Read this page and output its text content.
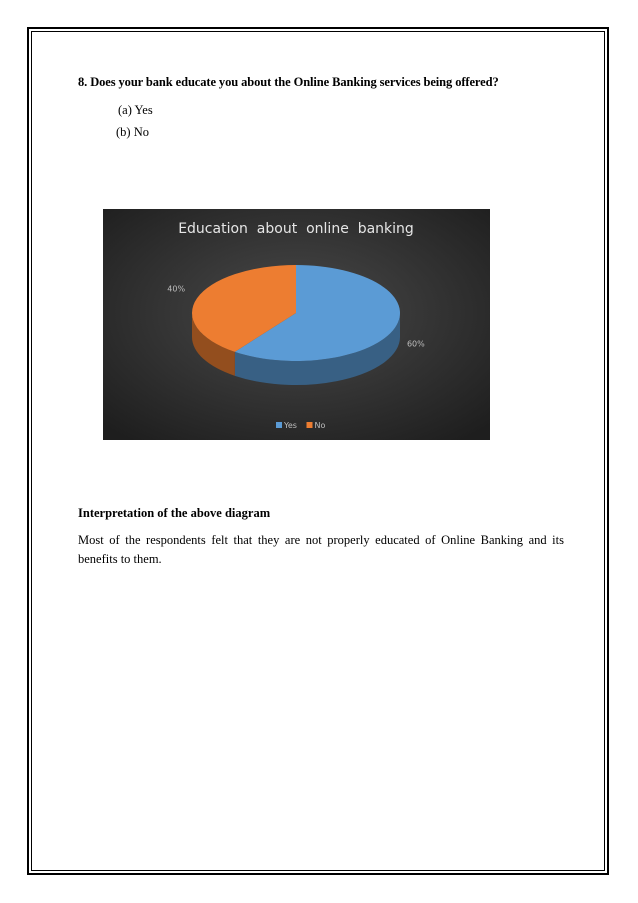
8. Does your bank educate you about the Online Banking services being offered?
(a) Yes
(b) No
Education  about  online  banking
60%
40%
Yes No
Interpretation of the above diagram
Most of the respondents felt that they are not properly educated of Online Banking and its benefits to them.
